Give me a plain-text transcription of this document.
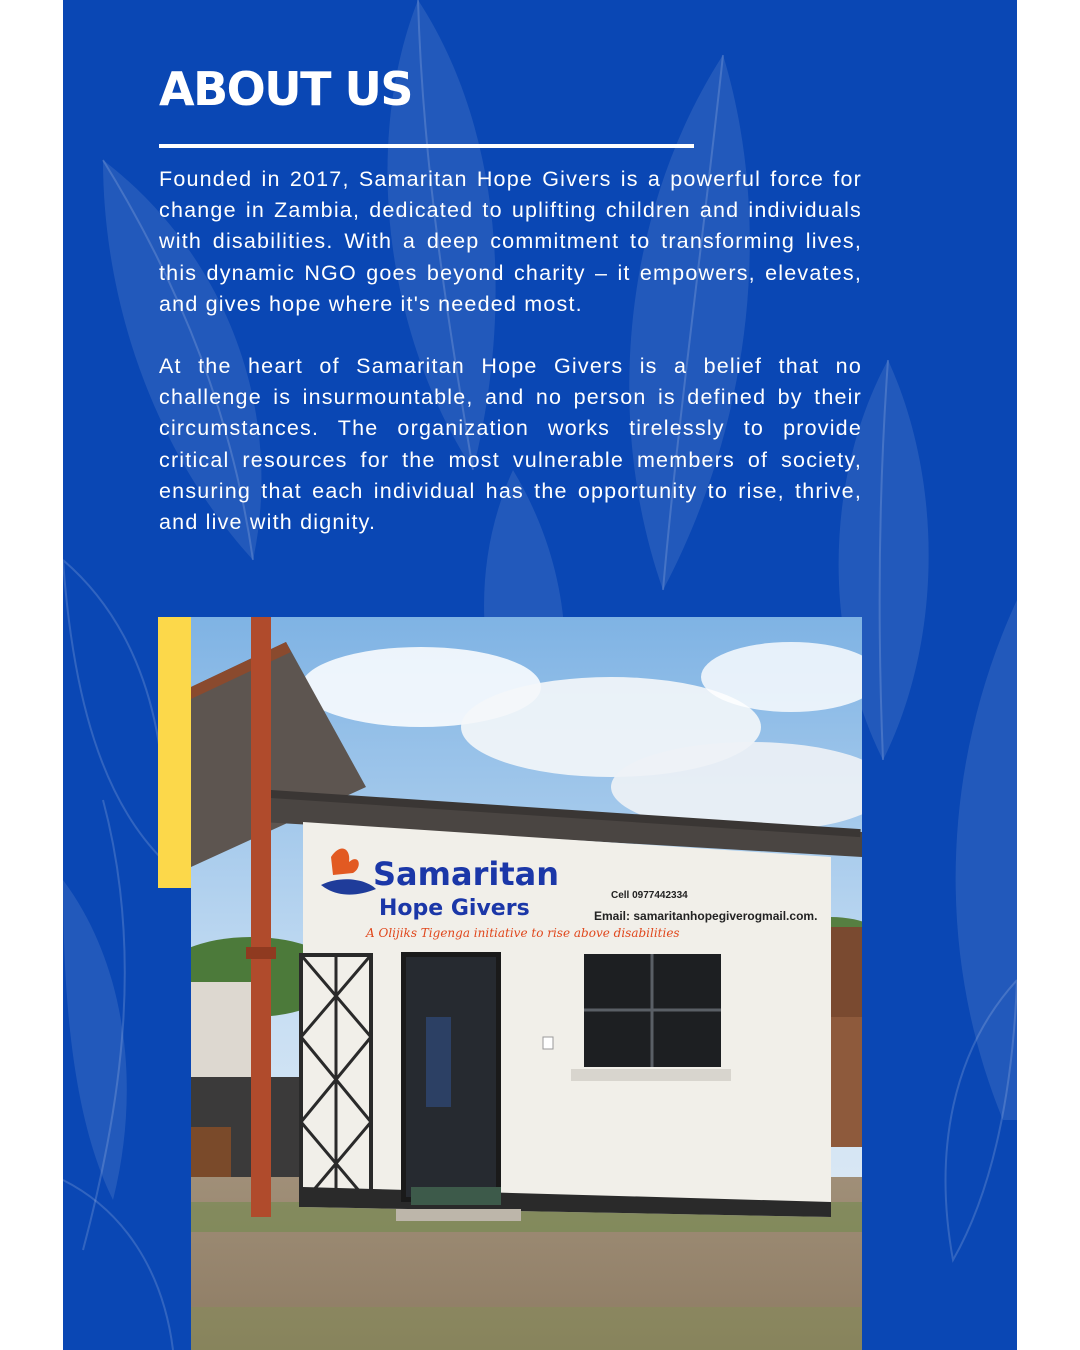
ABOUT US

Founded in 2017, Samaritan Hope Givers is a powerful force for change in Zambia, dedicated to uplifting children and individuals with disabilities. With a deep commitment to transforming lives, this dynamic NGO goes beyond charity – it empowers, elevates, and gives hope where it's needed most.

At the heart of Samaritan Hope Givers is a belief that no challenge is insurmountable, and no person is defined by their circumstances. The organization works tirelessly to provide critical resources for the most vulnerable members of society, ensuring that each individual has the opportunity to rise, thrive, and live with dignity.

Samaritan
Hope Givers
A Olijiks Tigenga initiative to rise above disabilities
Cell 0977442334
Email: samaritanhopegiverogmail.com.
